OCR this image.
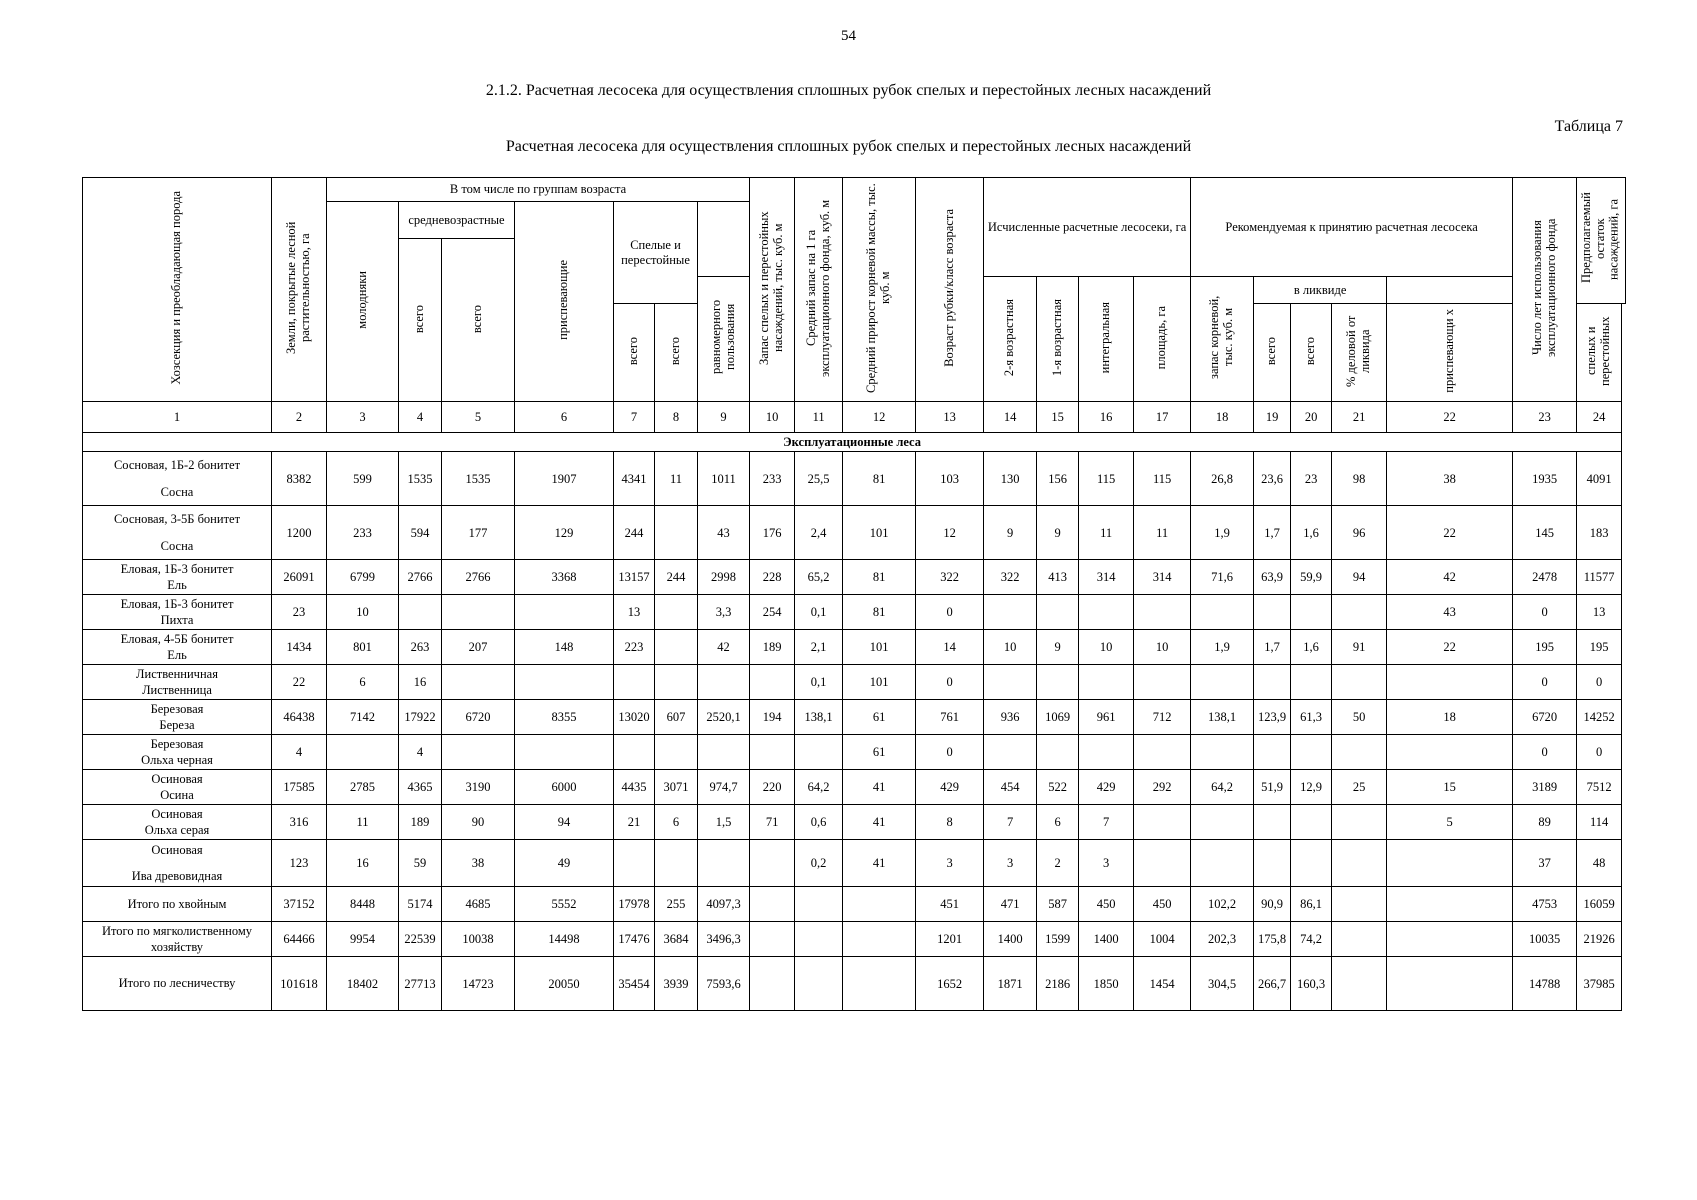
54
2.1.2. Расчетная лесосека для осуществления сплошных рубок спелых и перестойных лесных насаждений
Таблица 7
Расчетная лесосека для осуществления сплошных рубок спелых и перестойных лесных насаждений
Хозсекция и преобладающая порода	Земли, покрытые лесной растительностью, га	В том числе по группам возраста							Запас спелых и перестойных насаждений, тыс. куб. м	Средний запас на 1 га эксплуатационного фонда, куб. м	Средний прирост корневой массы, тыс. куб. м	Возраст рубки/класс возраста	Исчисленные расчетные лесосеки, га				Рекомендуемая к принятию расчетная лесосека					Число лет использования эксплуатационного фонда	Предполагаемый остаток насаждений, га
		молодняки	средневозрастные		приспевающие	Спелые и перестойные																	
			всего	всего																			
								равномерного пользования					2-я возрастная	1-я возрастная	интегральная	площадь, га	запас корневой, тыс. куб. м	в ликвиде					
						всего	всего											всего	всего	% деловой от ликвида	приспевающи х		спелых и перестойных
1	2	3	4	5	6	7	8	9	10	11	12	13	14	15	16	17	18	19	20	21	22	23	24
Эксплуатационные леса																							

Сосновая, 1Б-2 бонитет
Сосна	8382	599	1535	1535	1907	4341	11	1011	233	25,5	81	103	130	156	115	115	26,8	23,6	23	98	38	1935	4091

Сосновая, 3-5Б бонитет
Сосна	1200	233	594	177	129	244		43	176	2,4	101	12	9	9	11	11	1,9	1,7	1,6	96	22	145	183

Еловая, 1Б-3 бонитет
Ель	26091	6799	2766	2766	3368	13157	244	2998	228	65,2	81	322	322	413	314	314	71,6	63,9	59,9	94	42	2478	11577

Еловая, 1Б-3 бонитет
Пихта	23	10				13		3,3	254	0,1	81	0									43	0	13

Еловая, 4-5Б бонитет
Ель	1434	801	263	207	148	223		42	189	2,1	101	14	10	9	10	10	1,9	1,7	1,6	91	22	195	195

Лиственничная
Лиственница	22	6	16							0,1	101	0										0	0

Березовая
Береза	46438	7142	17922	6720	8355	13020	607	2520,1	194	138,1	61	761	936	1069	961	712	138,1	123,9	61,3	50	18	6720	14252

Березовая
Ольха черная	4		4								61	0										0	0

Осиновая
Осина	17585	2785	4365	3190	6000	4435	3071	974,7	220	64,2	41	429	454	522	429	292	64,2	51,9	12,9	25	15	3189	7512

Осиновая
Ольха серая	316	11	189	90	94	21	6	1,5	71	0,6	41	8	7	6	7						5	89	114

Осиновая
Ива древовидная	123	16	59	38	49					0,2	41	3	3	2	3							37	48

Итого по хвойным	37152	8448	5174	4685	5552	17978	255	4097,3				451	471	587	450	450	102,2	90,9	86,1			4753	16059

Итого по мягколиственному
хозяйству	64466	9954	22539	10038	14498	17476	3684	3496,3				1201	1400	1599	1400	1004	202,3	175,8	74,2			10035	21926

Итого по лесничеству	101618	18402	27713	14723	20050	35454	3939	7593,6				1652	1871	2186	1850	1454	304,5	266,7	160,3			14788	37985
